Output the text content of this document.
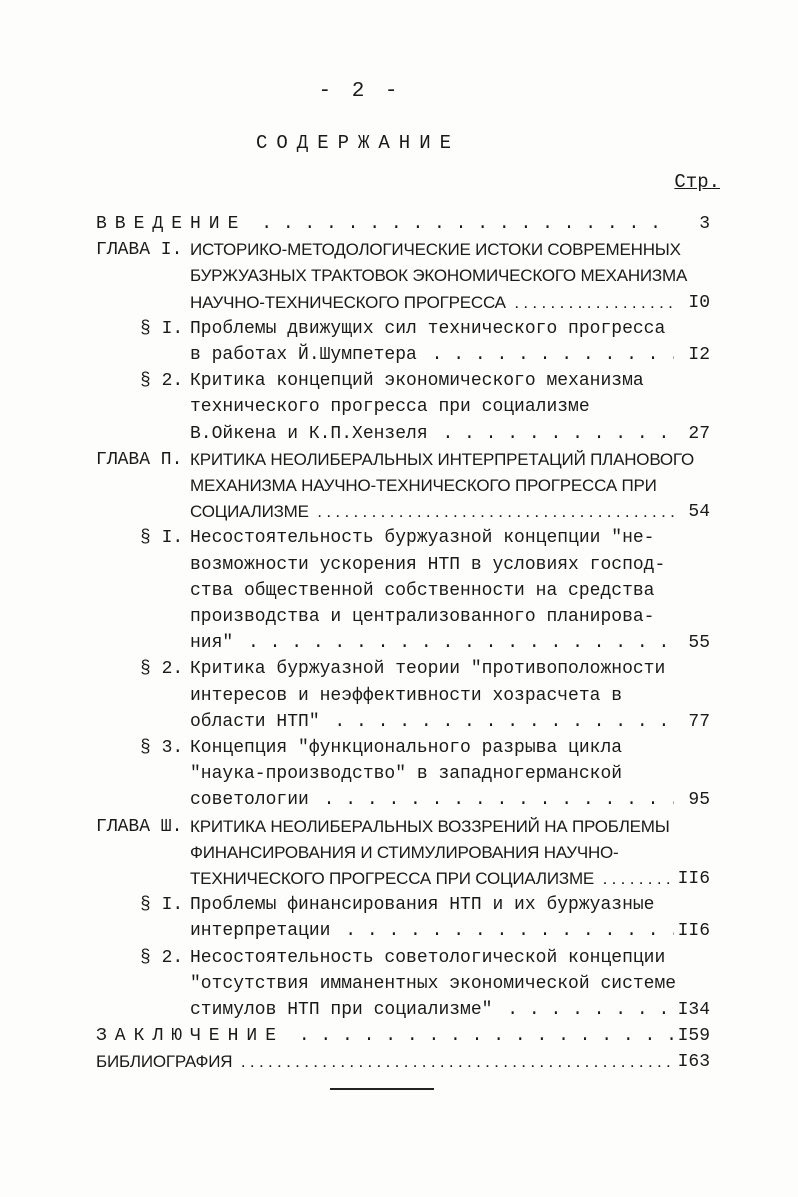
- 2 -
СОДЕРЖАНИЕ
Стр.
ВВЕДЕНИЕ . . .	3
ГЛАВА I. ИСТОРИКО-МЕТОДОЛОГИЧЕСКИЕ ИСТОКИ СОВРЕМЕННЫХ
БУРЖУАЗНЫХ ТРАКТОВОК ЭКОНОМИЧЕСКОГО МЕХАНИЗМА
НАУЧНО-ТЕХНИЧЕСКОГО ПРОГРЕССА . . .	I0
§ I. Проблемы движущих сил технического прогресса
в работах Й.Шумпетера . . .	I2
§ 2. Критика концепций экономического механизма
технического прогресса при социализме
В.Ойкена и К.П.Хензеля . . .	27
ГЛАВА П. КРИТИКА НЕОЛИБЕРАЛЬНЫХ ИНТЕРПРЕТАЦИЙ ПЛАНОВОГО
МЕХАНИЗМА НАУЧНО-ТЕХНИЧЕСКОГО ПРОГРЕССА ПРИ
СОЦИАЛИЗМЕ . . .	54
§ I. Несостоятельность буржуазной концепции "не-
возможности ускорения НТП в условиях господ-
ства общественной собственности на средства
производства и централизованного планирова-
ния" . . .	55
§ 2. Критика буржуазной теории "противоположности
интересов и неэффективности хозрасчета в
области НТП" . . .	77
§ 3. Концепция "функционального разрыва цикла
"наука-производство" в западногерманской
советологии . . .	95
ГЛАВА Ш. КРИТИКА НЕОЛИБЕРАЛЬНЫХ ВОЗЗРЕНИЙ НА ПРОБЛЕМЫ
ФИНАНСИРОВАНИЯ И СТИМУЛИРОВАНИЯ НАУЧНО-
ТЕХНИЧЕСКОГО ПРОГРЕССА ПРИ СОЦИАЛИЗМЕ . . .	II6
§ I. Проблемы финансирования НТП и их буржуазные
интерпретации . . .	II6
§ 2. Несостоятельность советологической концепции
"отсутствия имманентных экономической системе
стимулов НТП при социализме" . . .	I34
ЗАКЛЮЧЕНИЕ . . .	I59
БИБЛИОГРАФИЯ . . .	I63
